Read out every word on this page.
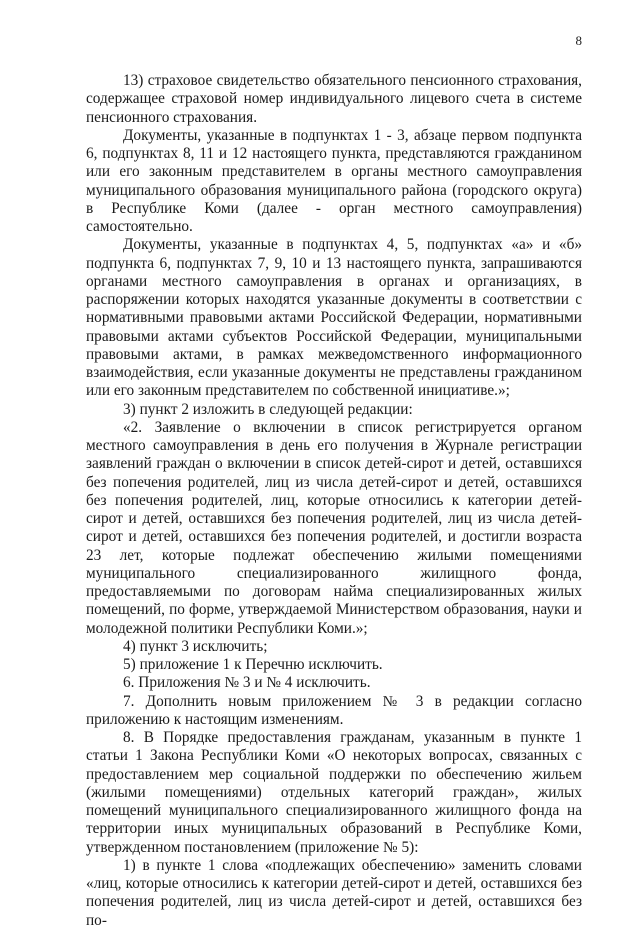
8

13) страховое свидетельство обязательного пенсионного страхования, содержащее страховой номер индивидуального лицевого счета в системе пенсионного страхования.

Документы, указанные в подпунктах 1 - 3, абзаце первом подпункта 6, подпунктах 8, 11 и 12 настоящего пункта, представляются гражданином или его законным представителем в органы местного самоуправления муниципального образования муниципального района (городского округа) в Республике Коми (далее - орган местного самоуправления) самостоятельно.

Документы, указанные в подпунктах 4, 5, подпунктах «а» и «б» подпункта 6, подпунктах 7, 9, 10 и 13 настоящего пункта, запрашиваются органами местного самоуправления в органах и организациях, в распоряжении которых находятся указанные документы в соответствии с нормативными правовыми актами Российской Федерации, нормативными правовыми актами субъектов Российской Федерации, муниципальными правовыми актами, в рамках межведомственного информационного взаимодействия, если указанные документы не представлены гражданином или его законным представителем по собственной инициативе.»;

3) пункт 2 изложить в следующей редакции:

«2. Заявление о включении в список регистрируется органом местного самоуправления в день его получения в Журнале регистрации заявлений граждан о включении в список детей-сирот и детей, оставшихся без попечения родителей, лиц из числа детей-сирот и детей, оставшихся без попечения родителей, лиц, которые относились к категории детей-сирот и детей, оставшихся без попечения родителей, лиц из числа детей-сирот и детей, оставшихся без попечения родителей, и достигли возраста 23 лет, которые подлежат обеспечению жилыми помещениями муниципального специализированного жилищного фонда, предоставляемыми по договорам найма специализированных жилых помещений, по форме, утверждаемой Министерством образования, науки и молодежной политики Республики Коми.»;

4) пункт 3 исключить;

5) приложение 1 к Перечню исключить.

6. Приложения № 3 и № 4 исключить.

7. Дополнить новым приложением № 3 в редакции согласно приложению к настоящим изменениям.

8. В Порядке предоставления гражданам, указанным в пункте 1 статьи 1 Закона Республики Коми «О некоторых вопросах, связанных с предоставлением мер социальной поддержки по обеспечению жильем (жилыми помещениями) отдельных категорий граждан», жилых помещений муниципального специализированного жилищного фонда на территории иных муниципальных образований в Республике Коми, утвержденном постановлением (приложение № 5):

1) в пункте 1 слова «подлежащих обеспечению» заменить словами «лиц, которые относились к категории детей-сирот и детей, оставшихся без попечения родителей, лиц из числа детей-сирот и детей, оставшихся без по-
